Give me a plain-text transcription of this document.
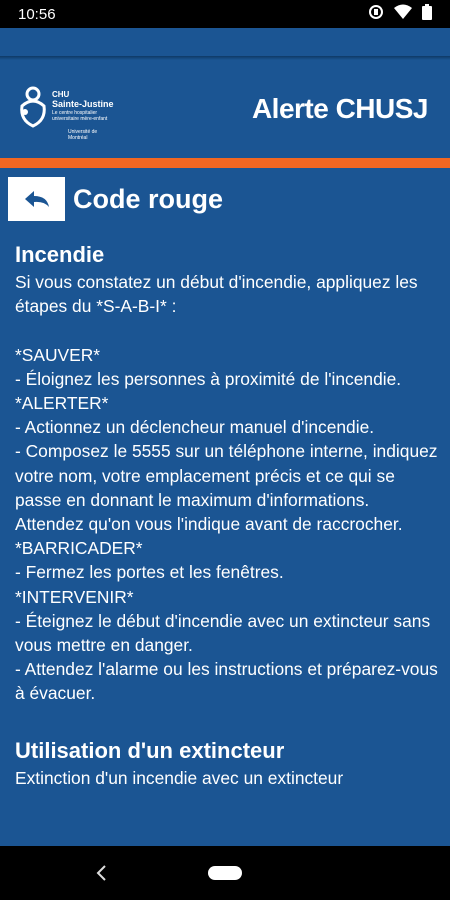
10:56
CHU
Sainte-Justine
Le centre hospitalier universitaire mère-enfant
Université de Montréal
Alerte CHUSJ
Code rouge
Incendie

Si vous constatez un début d'incendie, appliquez les étapes du *S-A-B-I* :

*SAUVER*
- Éloignez les personnes à proximité de l'incendie.
*ALERTER*
- Actionnez un déclencheur manuel d'incendie.
- Composez le 5555 sur un téléphone interne, indiquez votre nom, votre emplacement précis et ce qui se passe en donnant le maximum d'informations. Attendez qu'on vous l'indique avant de raccrocher.
*BARRICADER*
- Fermez les portes et les fenêtres.
*INTERVENIR*
- Éteignez le début d'incendie avec un extincteur sans vous mettre en danger.
- Attendez l'alarme ou les instructions et préparez-vous à évacuer.

Utilisation d'un extincteur

Extinction d'un incendie avec un extincteur
